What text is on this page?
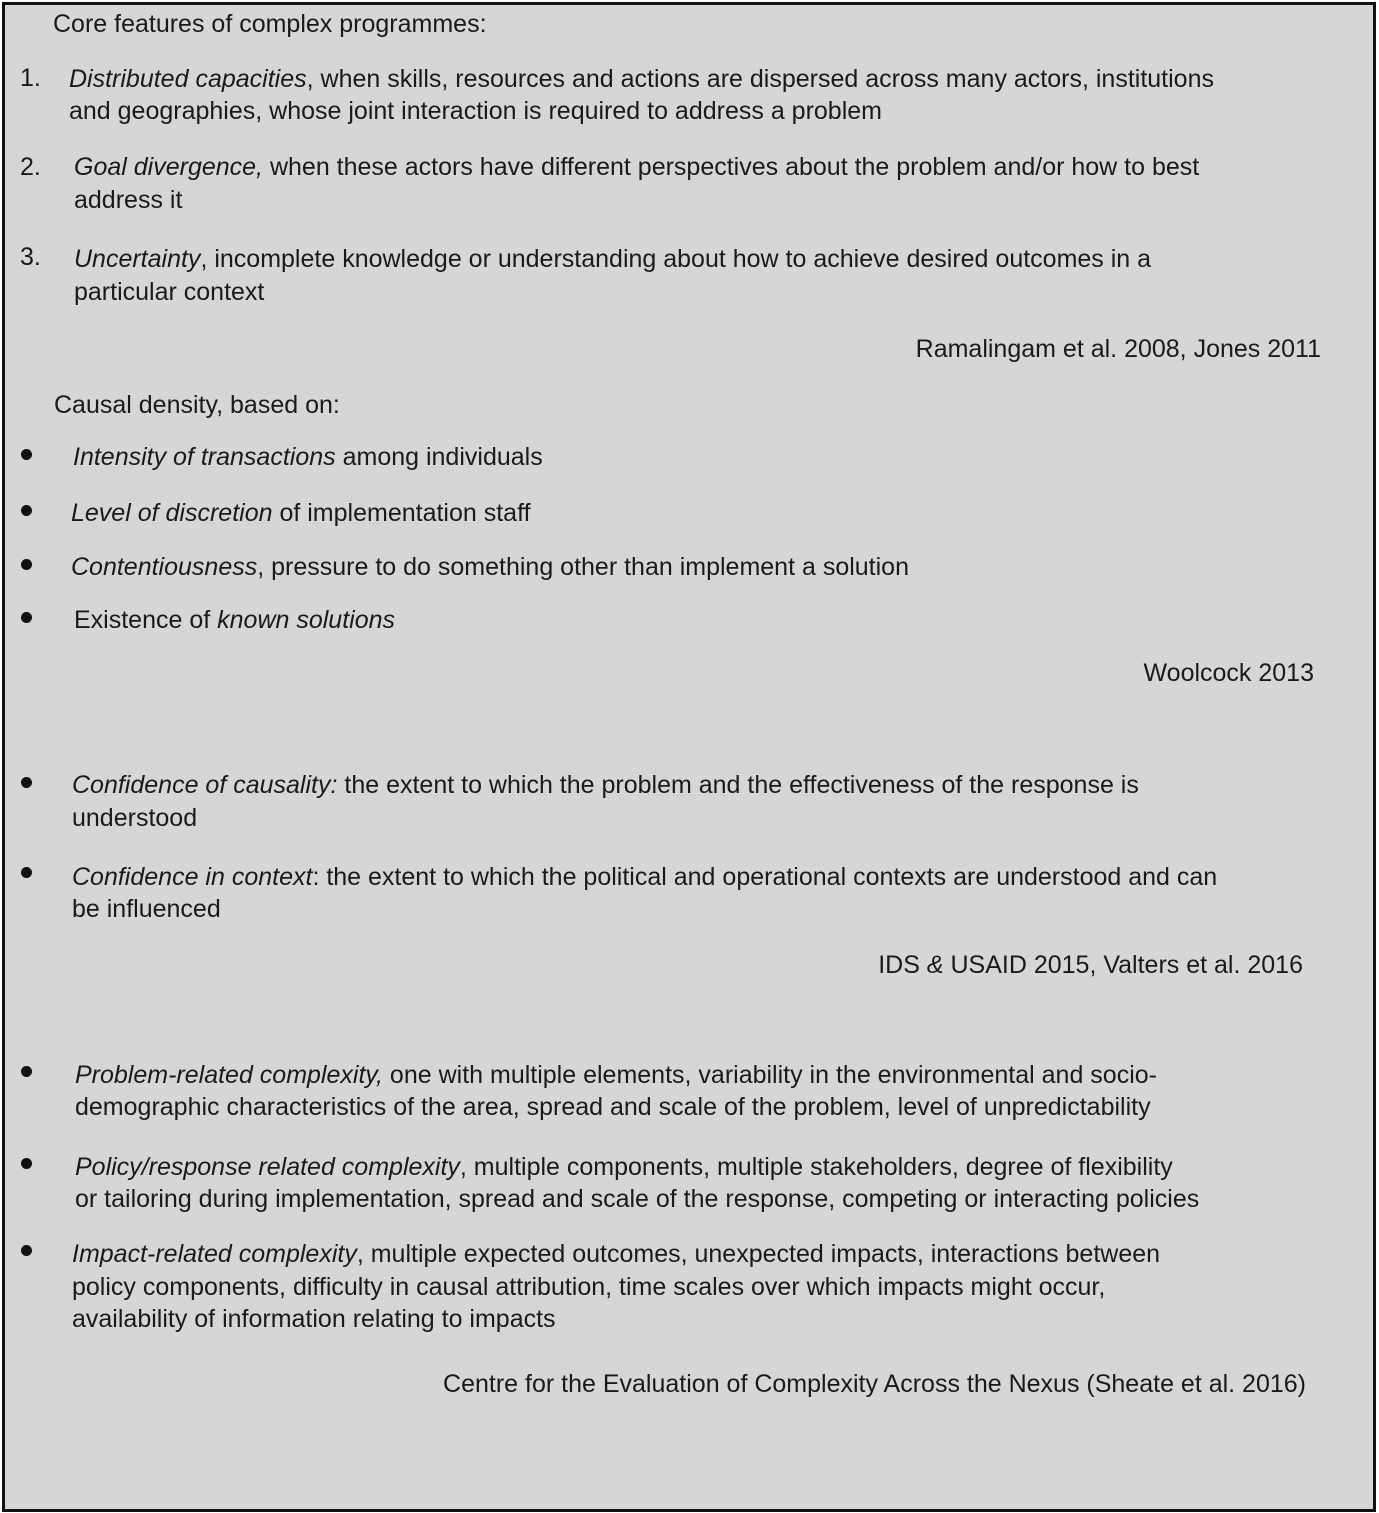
Core features of complex programmes:
1. Distributed capacities, when skills, resources and actions are dispersed across many actors, institutions
and geographies, whose joint interaction is required to address a problem
2. Goal divergence, when these actors have different perspectives about the problem and/or how to best
address it
3. Uncertainty, incomplete knowledge or understanding about how to achieve desired outcomes in a
particular context
Ramalingam et al. 2008, Jones 2011
Causal density, based on:
Intensity of transactions among individuals
Level of discretion of implementation staff
Contentiousness, pressure to do something other than implement a solution
Existence of known solutions
Woolcock 2013
Confidence of causality: the extent to which the problem and the effectiveness of the response is
understood
Confidence in context: the extent to which the political and operational contexts are understood and can
be influenced
IDS & USAID 2015, Valters et al. 2016
Problem-related complexity, one with multiple elements, variability in the environmental and socio-
demographic characteristics of the area, spread and scale of the problem, level of unpredictability
Policy/response related complexity, multiple components, multiple stakeholders, degree of flexibility
or tailoring during implementation, spread and scale of the response, competing or interacting policies
Impact-related complexity, multiple expected outcomes, unexpected impacts, interactions between
policy components, difficulty in causal attribution, time scales over which impacts might occur,
availability of information relating to impacts
Centre for the Evaluation of Complexity Across the Nexus (Sheate et al. 2016)
